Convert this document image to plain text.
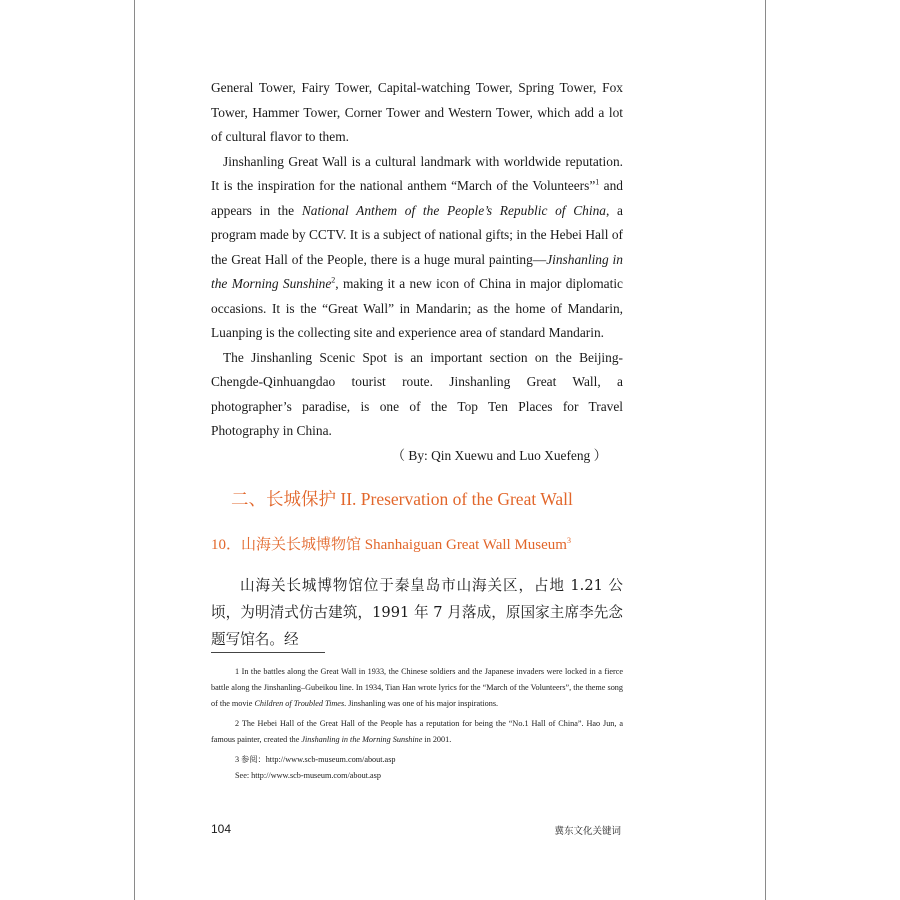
General Tower, Fairy Tower, Capital-watching Tower, Spring Tower, Fox Tower, Hammer Tower, Corner Tower and Western Tower, which add a lot of cultural flavor to them.

Jinshanling Great Wall is a cultural landmark with worldwide reputation. It is the inspiration for the national anthem “March of the Volunteers”$^1$ and appears in the National Anthem of the People’s Republic of China, a program made by CCTV. It is a subject of national gifts; in the Hebei Hall of the Great Hall of the People, there is a huge mural painting—Jinshanling in the Morning Sunshine$^2$, making it a new icon of China in major diplomatic occasions. It is the “Great Wall” in Mandarin; as the home of Mandarin, Luanping is the collecting site and experience area of standard Mandarin.

The Jinshanling Scenic Spot is an important section on the Beijing-Chengde-Qinhuangdao tourist route. Jinshanling Great Wall, a photographer’s paradise, is one of the Top Ten Places for Travel Photography in China.

（ By: Qin Xuewu and Luo Xuefeng ）

二、长城保护 II. Preservation of the Great Wall
10．山海关长城博物馆 Shanhaiguan Great Wall Museum$^3$

山海关长城博物馆位于秦皇岛市山海关区，占地 1.21 公顷，为明清式仿古建筑，1991 年 7 月落成，原国家主席李先念题写馆名。经

1 In the battles along the Great Wall in 1933, the Chinese soldiers and the Japanese invaders were locked in a fierce battle along the Jinshanling–Gubeikou line. In 1934, Tian Han wrote lyrics for the “March of the Volunteers”, the theme song of the movie Children of Troubled Times. Jinshanling was one of his major inspirations.

2 The Hebei Hall of the Great Hall of the People has a reputation for being the “No.1 Hall of China”. Hao Jun, a famous painter, created the Jinshanling in the Morning Sunshine in 2001.

3 参阅：http://www.scb-museum.com/about.asp

See: http://www.scb-museum.com/about.asp

104	冀东文化关键词
